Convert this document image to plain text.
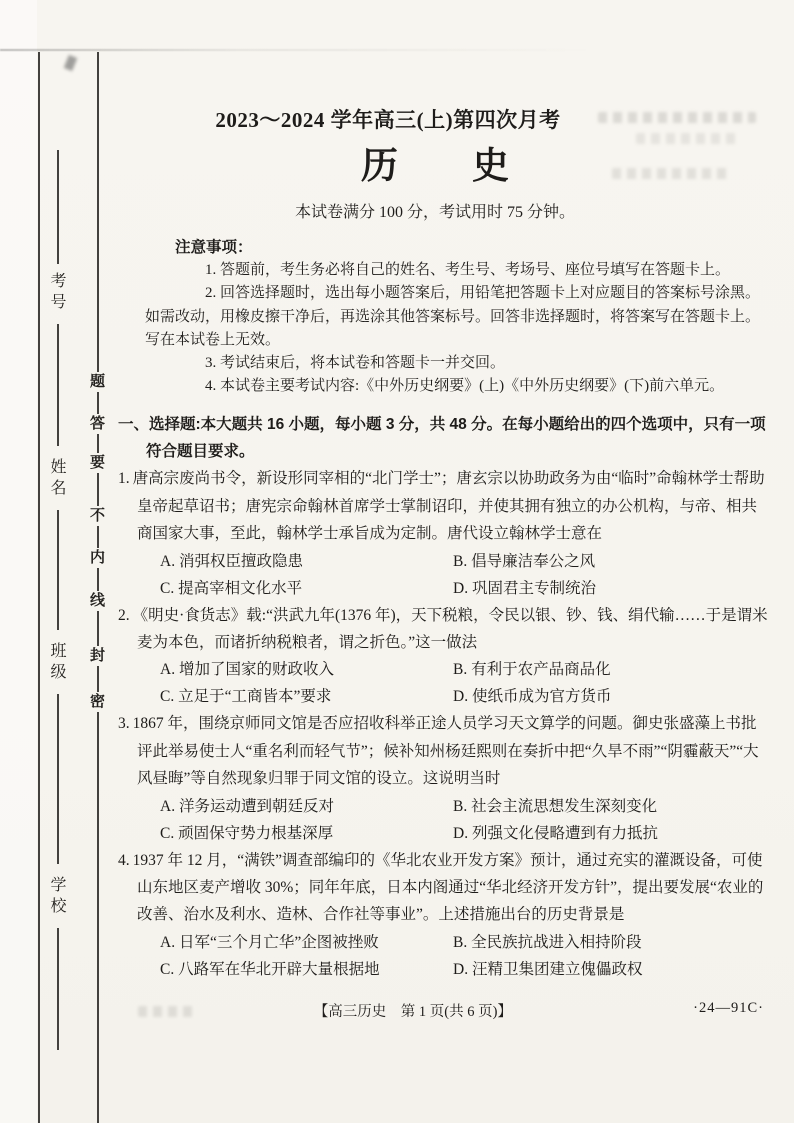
考号
姓名
班级
学校
题
答
要
不
内
线
封
密
2023～2024 学年高三(上)第四次月考
历　　史
本试卷满分 100 分，考试用时 75 分钟。
注意事项：

1. 答题前，考生务必将自己的姓名、考生号、考场号、座位号填写在答题卡上。

2. 回答选择题时，选出每小题答案后，用铅笔把答题卡上对应题目的答案标号涂黑。如需改动，用橡皮擦干净后，再选涂其他答案标号。回答非选择题时，将答案写在答题卡上。写在本试卷上无效。

3. 考试结束后，将本试卷和答题卡一并交回。

4. 本试卷主要考试内容:《中外历史纲要》(上)《中外历史纲要》(下)前六单元。

一、选择题:本大题共 16 小题，每小题 3 分，共 48 分。在每小题给出的四个选项中，只有一项符合题目要求。

1. 唐高宗废尚书令，新设形同宰相的“北门学士”；唐玄宗以协助政务为由“临时”命翰林学士帮助皇帝起草诏书；唐宪宗命翰林首席学士掌制诏印，并使其拥有独立的办公机构，与帝、相共商国家大事，至此，翰林学士承旨成为定制。唐代设立翰林学士意在

A. 消弭权臣擅政隐患	B. 倡导廉洁奉公之风
C. 提高宰相文化水平	D. 巩固君主专制统治

2. 《明史·食货志》载:“洪武九年(1376 年)，天下税粮，令民以银、钞、钱、绢代输……于是谓米麦为本色，而诸折纳税粮者，谓之折色。”这一做法

A. 增加了国家的财政收入	B. 有利于农产品商品化
C. 立足于“工商皆本”要求	D. 使纸币成为官方货币

3. 1867 年，围绕京师同文馆是否应招收科举正途人员学习天文算学的问题。御史张盛藻上书批评此举易使士人“重名利而轻气节”；候补知州杨廷熙则在奏折中把“久旱不雨”“阴霾蔽天”“大风昼晦”等自然现象归罪于同文馆的设立。这说明当时

A. 洋务运动遭到朝廷反对	B. 社会主流思想发生深刻变化
C. 顽固保守势力根基深厚	D. 列强文化侵略遭到有力抵抗

4. 1937 年 12 月，“满铁”调查部编印的《华北农业开发方案》预计，通过充实的灌溉设备，可使山东地区麦产增收 30%；同年年底，日本内阁通过“华北经济开发方针”，提出要发展“农业的改善、治水及利水、造林、合作社等事业”。上述措施出台的历史背景是

A. 日军“三个月亡华”企图被挫败	B. 全民族抗战进入相持阶段
C. 八路军在华北开辟大量根据地	D. 汪精卫集团建立傀儡政权
【高三历史　第 1 页(共 6 页)】	·24—91C·
